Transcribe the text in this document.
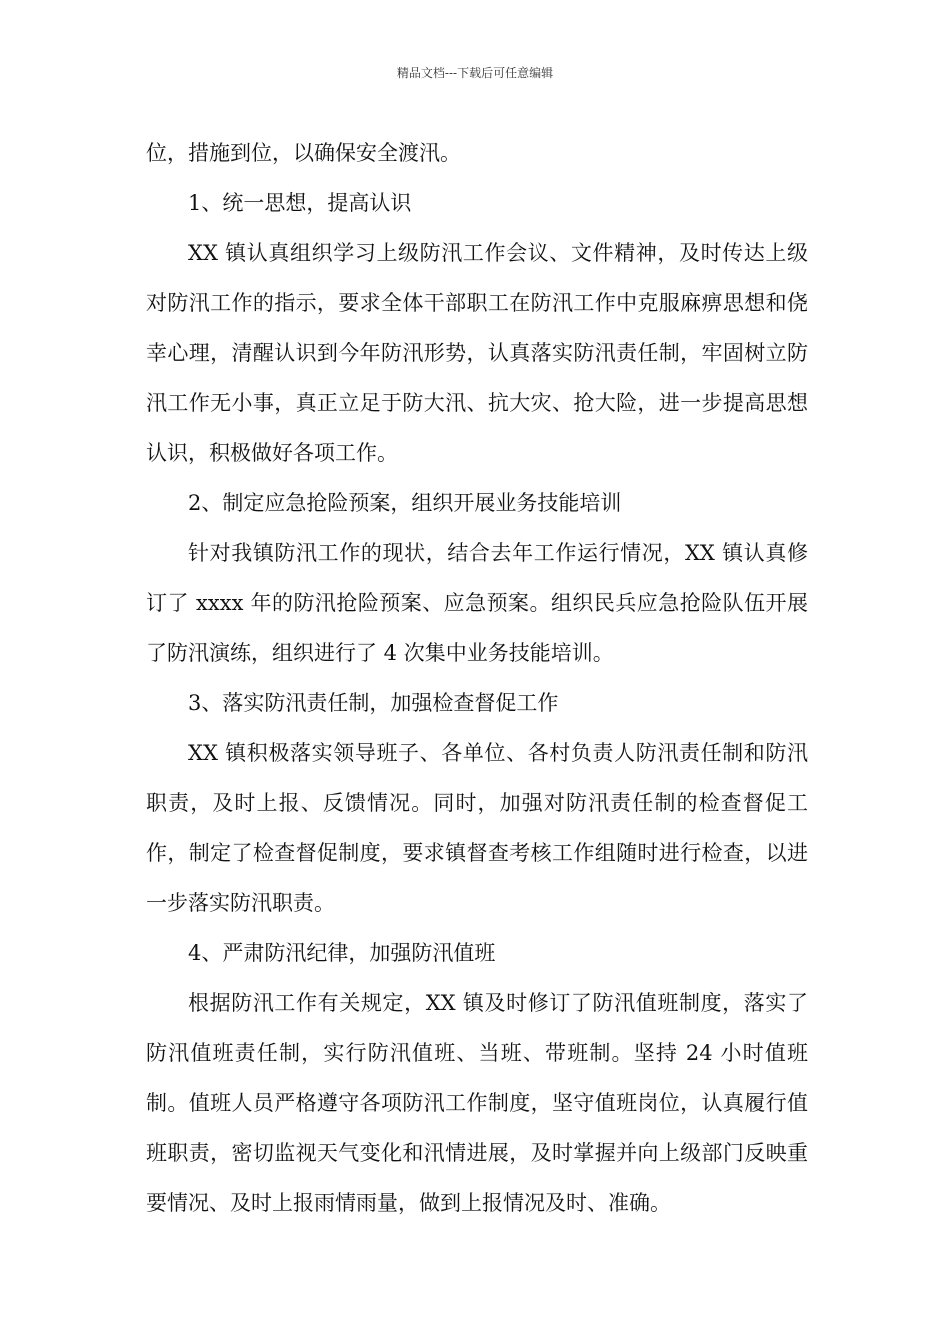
精品文档---下载后可任意编辑

位，措施到位，以确保安全渡汛。

1、统一思想，提高认识

XX 镇认真组织学习上级防汛工作会议、文件精神，及时传达上级对防汛工作的指示，要求全体干部职工在防汛工作中克服麻痹思想和侥幸心理，清醒认识到今年防汛形势，认真落实防汛责任制，牢固树立防汛工作无小事，真正立足于防大汛、抗大灾、抢大险，进一步提高思想认识，积极做好各项工作。

2、制定应急抢险预案，组织开展业务技能培训

针对我镇防汛工作的现状，结合去年工作运行情况，XX 镇认真修订了 xxxx 年的防汛抢险预案、应急预案。组织民兵应急抢险队伍开展了防汛演练，组织进行了 4 次集中业务技能培训。

3、落实防汛责任制，加强检查督促工作

XX 镇积极落实领导班子、各单位、各村负责人防汛责任制和防汛职责，及时上报、反馈情况。同时，加强对防汛责任制的检查督促工作，制定了检查督促制度，要求镇督查考核工作组随时进行检查，以进一步落实防汛职责。

4、严肃防汛纪律，加强防汛值班

根据防汛工作有关规定，XX 镇及时修订了防汛值班制度，落实了防汛值班责任制，实行防汛值班、当班、带班制。坚持 24 小时值班制。值班人员严格遵守各项防汛工作制度，坚守值班岗位，认真履行值班职责，密切监视天气变化和汛情进展，及时掌握并向上级部门反映重要情况、及时上报雨情雨量，做到上报情况及时、准确。
